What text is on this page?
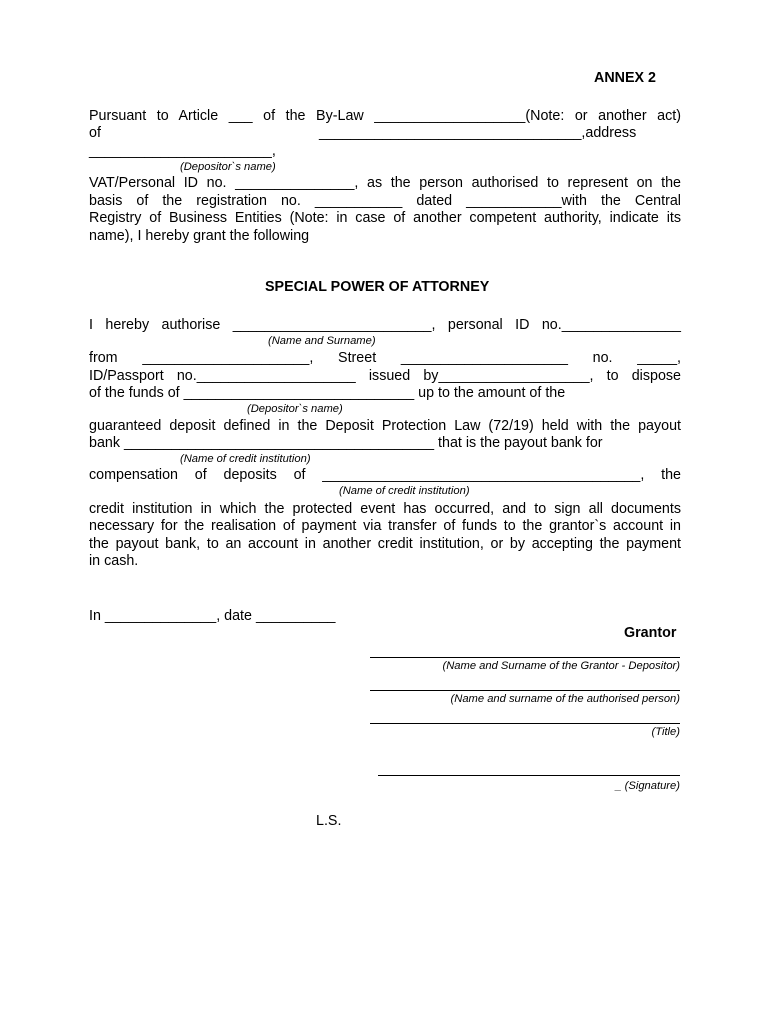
ANNEX 2
Pursuant to Article ___ of the By-Law ___________________(Note: or another act)
of	_________________________________,address
_______________________,
(Depositor`s name)
VAT/Personal ID no. _______________, as the person authorised to represent on the
basis of the registration no. ___________ dated ____________with the Central
Registry of Business Entities (Note: in case of another competent authority, indicate its
name), I hereby grant the following
SPECIAL POWER OF ATTORNEY
I hereby authorise _________________________, personal ID no._______________
(Name and Surname)
from   _____________________,   Street   _____________________   no.   _____,
ID/Passport no.____________________ issued by___________________, to dispose
of the funds of _____________________________ up to the amount of the
(Depositor`s name)
guaranteed deposit defined in the Deposit Protection Law (72/19) held with the payout
bank _______________________________________ that is the payout bank for
(Name of credit institution)
compensation of deposits of ________________________________________, the
(Name of credit institution)
credit institution in which the protected event has occurred, and to sign all documents
necessary for the realisation of payment via transfer of funds to the grantor`s account in
the payout bank, to an account in another credit institution, or by accepting the payment
in cash.
In ______________, date __________
Grantor
(Name and Surname of the Grantor - Depositor)
(Name and surname of the authorised person)
(Title)
_ (Signature)
L.S.
